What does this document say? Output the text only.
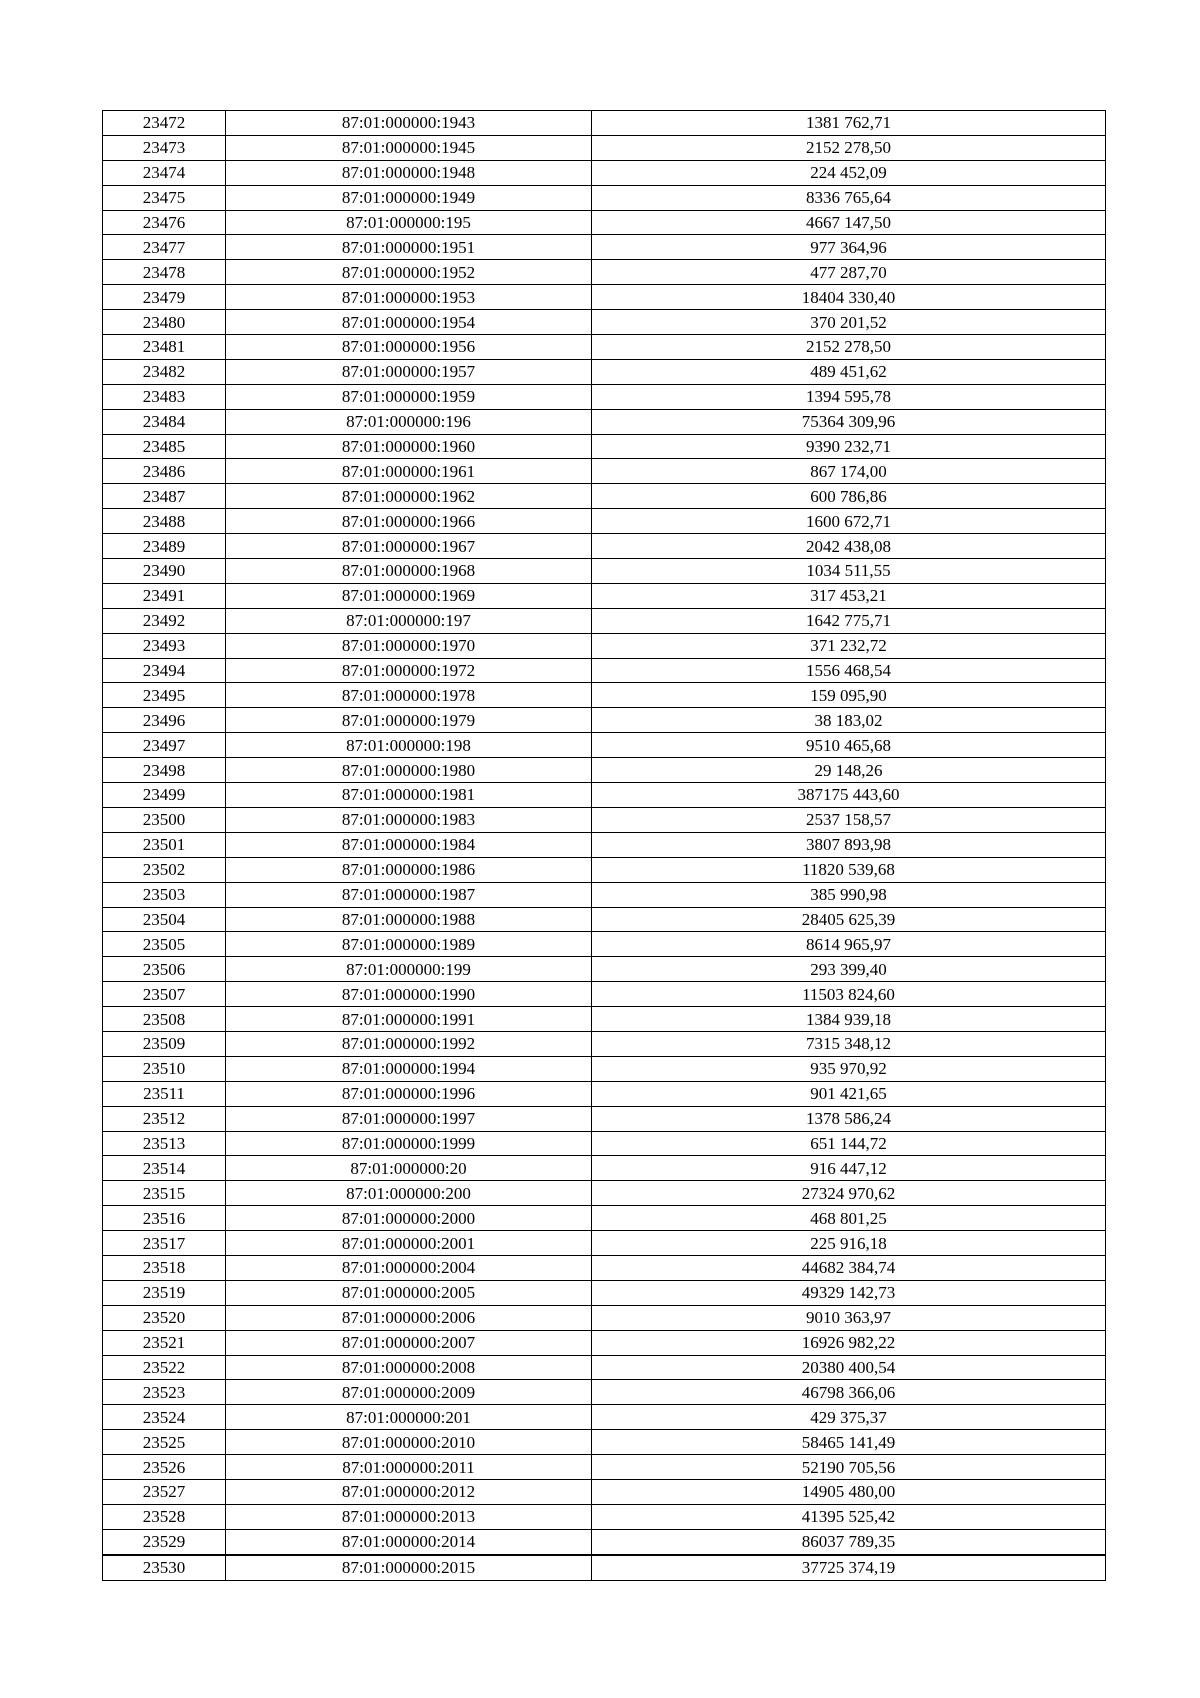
23472	87:01:000000:1943	1381 762,71
23473	87:01:000000:1945	2152 278,50
23474	87:01:000000:1948	224 452,09
23475	87:01:000000:1949	8336 765,64
23476	87:01:000000:195	4667 147,50
23477	87:01:000000:1951	977 364,96
23478	87:01:000000:1952	477 287,70
23479	87:01:000000:1953	18404 330,40
23480	87:01:000000:1954	370 201,52
23481	87:01:000000:1956	2152 278,50
23482	87:01:000000:1957	489 451,62
23483	87:01:000000:1959	1394 595,78
23484	87:01:000000:196	75364 309,96
23485	87:01:000000:1960	9390 232,71
23486	87:01:000000:1961	867 174,00
23487	87:01:000000:1962	600 786,86
23488	87:01:000000:1966	1600 672,71
23489	87:01:000000:1967	2042 438,08
23490	87:01:000000:1968	1034 511,55
23491	87:01:000000:1969	317 453,21
23492	87:01:000000:197	1642 775,71
23493	87:01:000000:1970	371 232,72
23494	87:01:000000:1972	1556 468,54
23495	87:01:000000:1978	159 095,90
23496	87:01:000000:1979	38 183,02
23497	87:01:000000:198	9510 465,68
23498	87:01:000000:1980	29 148,26
23499	87:01:000000:1981	387175 443,60
23500	87:01:000000:1983	2537 158,57
23501	87:01:000000:1984	3807 893,98
23502	87:01:000000:1986	11820 539,68
23503	87:01:000000:1987	385 990,98
23504	87:01:000000:1988	28405 625,39
23505	87:01:000000:1989	8614 965,97
23506	87:01:000000:199	293 399,40
23507	87:01:000000:1990	11503 824,60
23508	87:01:000000:1991	1384 939,18
23509	87:01:000000:1992	7315 348,12
23510	87:01:000000:1994	935 970,92
23511	87:01:000000:1996	901 421,65
23512	87:01:000000:1997	1378 586,24
23513	87:01:000000:1999	651 144,72
23514	87:01:000000:20	916 447,12
23515	87:01:000000:200	27324 970,62
23516	87:01:000000:2000	468 801,25
23517	87:01:000000:2001	225 916,18
23518	87:01:000000:2004	44682 384,74
23519	87:01:000000:2005	49329 142,73
23520	87:01:000000:2006	9010 363,97
23521	87:01:000000:2007	16926 982,22
23522	87:01:000000:2008	20380 400,54
23523	87:01:000000:2009	46798 366,06
23524	87:01:000000:201	429 375,37
23525	87:01:000000:2010	58465 141,49
23526	87:01:000000:2011	52190 705,56
23527	87:01:000000:2012	14905 480,00
23528	87:01:000000:2013	41395 525,42
23529	87:01:000000:2014	86037 789,35
23530	87:01:000000:2015	37725 374,19
